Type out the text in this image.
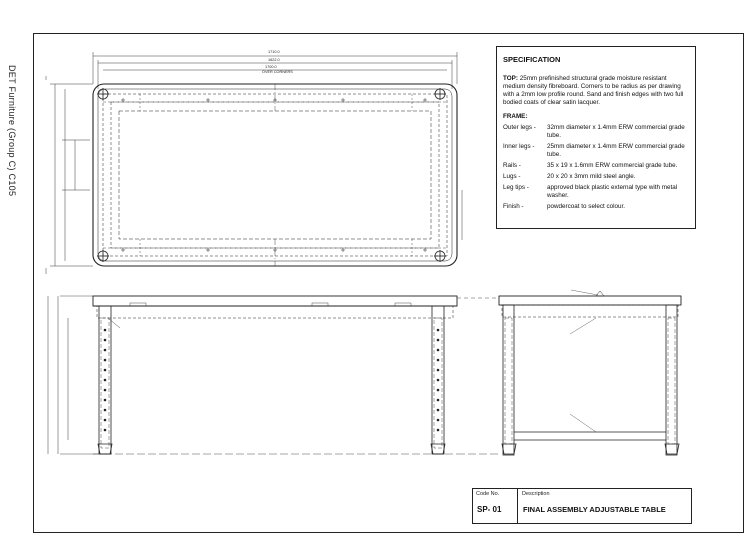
DET Furniture (Group C) C105
1710.0
1622.0
1700.0
OVER CORNERS
SPECIFICATION
TOP: 25mm prefinished structural grade moisture resistant medium density fibreboard. Corners to be radius as per drawing with a 2mm low profile round. Sand and finish edges with two full bodied coats of clear satin lacquer.
FRAME:
Outer legs -	32mm diameter x 1.4mm ERW commercial grade tube.
Inner legs -	25mm diameter x 1.4mm ERW commercial grade tube.
Rails -	35 x 19 x 1.6mm ERW commercial grade tube.
Lugs -	20 x 20 x 3mm mild steel angle.
Leg tips -	approved black plastic external type with metal washer.
Finish -	powdercoat to select colour.
Code No.
SP- 01
Description
FINAL ASSEMBLY ADJUSTABLE TABLE
